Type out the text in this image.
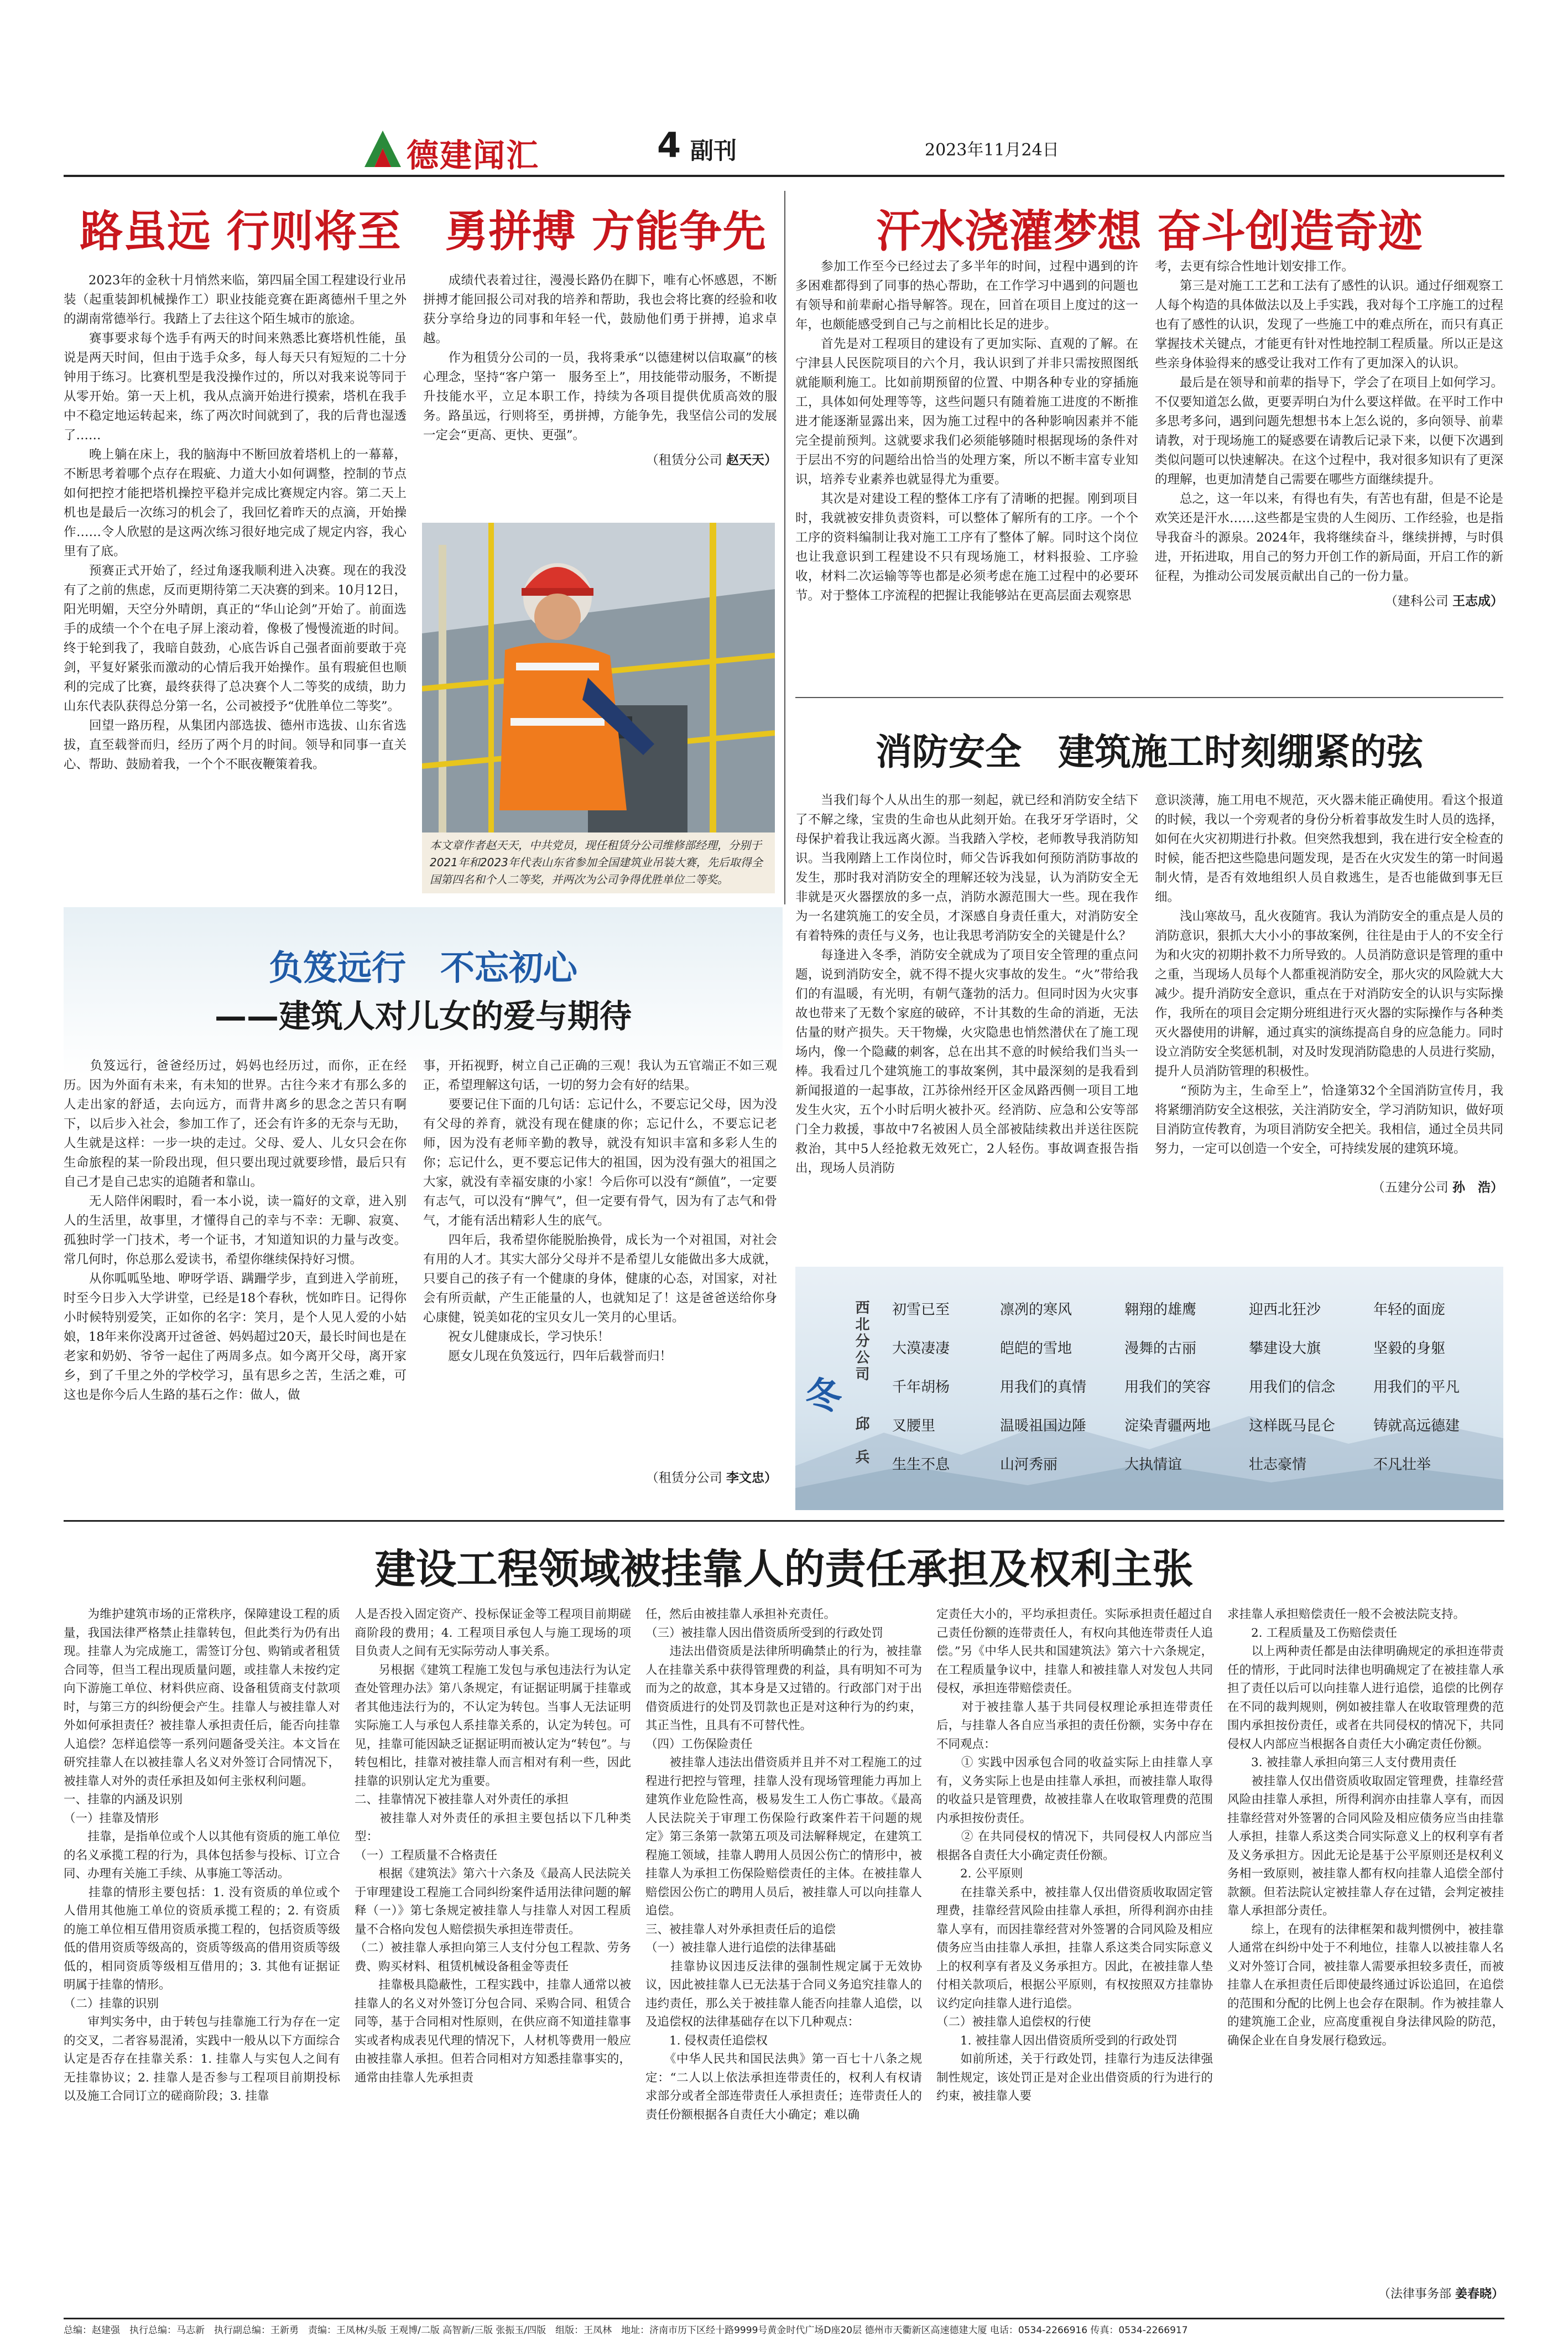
德建闻汇	4 副刊	2023年11月24日
路虽远 行则将至　勇拼搏 方能争先

　　2023年的金秋十月悄然来临，第四届全国工程建设行业吊装（起重装卸机械操作工）职业技能竞赛在距离德州千里之外的湖南常德举行。我踏上了去往这个陌生城市的旅途。
　　赛事要求每个选手有两天的时间来熟悉比赛塔机性能，虽说是两天时间，但由于选手众多，每人每天只有短短的二十分钟用于练习。比赛机型是我没操作过的，所以对我来说等同于从零开始。第一天上机，我从点滴开始进行摸索，塔机在我手中不稳定地运转起来，练了两次时间就到了，我的后背也湿透了……
　　晚上躺在床上，我的脑海中不断回放着塔机上的一幕幕，不断思考着哪个点存在瑕疵、力道大小如何调整，控制的节点如何把控才能把塔机操控平稳并完成比赛规定内容。第二天上机也是最后一次练习的机会了，我回忆着昨天的点滴，开始操作……令人欣慰的是这两次练习很好地完成了规定内容，我心里有了底。
　　预赛正式开始了，经过角逐我顺利进入决赛。现在的我没有了之前的焦虑，反而更期待第二天决赛的到来。10月12日，阳光明媚，天空分外晴朗，真正的“华山论剑”开始了。前面选手的成绩一个个在电子屏上滚动着，像极了慢慢流逝的时间。终于轮到我了，我暗自鼓劲，心底告诉自己强者面前要敢于亮剑，平复好紧张而激动的心情后我开始操作。虽有瑕疵但也顺利的完成了比赛，最终获得了总决赛个人二等奖的成绩，助力山东代表队获得总分第一名，公司被授予“优胜单位二等奖”。
　　回望一路历程，从集团内部选拔、德州市选拔、山东省选拔，直至载誉而归，经历了两个月的时间。领导和同事一直关心、帮助、鼓励着我，一个个不眠夜鞭策着我。

　　成绩代表着过往，漫漫长路仍在脚下，唯有心怀感恩，不断拼搏才能回报公司对我的培养和帮助，我也会将比赛的经验和收获分享给身边的同事和年轻一代，鼓励他们勇于拼搏，追求卓越。
　　作为租赁分公司的一员，我将秉承“以德建树以信取赢”的核心理念，坚持“客户第一　服务至上”，用技能带动服务，不断提升技能水平，立足本职工作，持续为各项目提供优质高效的服务。路虽远，行则将至，勇拼搏，方能争先，我坚信公司的发展一定会“更高、更快、更强”。

（租赁分公司 赵天天）

本文章作者赵天天，中共党员，现任租赁分公司维修部经理，分别于2021年和2023年代表山东省参加全国建筑业吊装大赛，先后取得全国第四名和个人二等奖，并两次为公司争得优胜单位二等奖。

汗水浇灌梦想 奋斗创造奇迹

　　参加工作至今已经过去了多半年的时间，过程中遇到的许多困难都得到了同事的热心帮助，在工作学习中遇到的问题也有领导和前辈耐心指导解答。现在，回首在项目上度过的这一年，也颇能感受到自己与之前相比长足的进步。
　　首先是对工程项目的建设有了更加实际、直观的了解。在宁津县人民医院项目的六个月，我认识到了并非只需按照图纸就能顺利施工。比如前期预留的位置、中期各种专业的穿插施工，具体如何处理等等，这些问题只有随着施工进度的不断推进才能逐渐显露出来，因为施工过程中的各种影响因素并不能完全提前预判。这就要求我们必须能够随时根据现场的条件对于层出不穷的问题给出恰当的处理方案，所以不断丰富专业知识，培养专业素养也就显得尤为重要。
　　其次是对建设工程的整体工序有了清晰的把握。刚到项目时，我就被安排负责资料，可以整体了解所有的工序。一个个工序的资料编制让我对施工工序有了整体了解。同时这个岗位也让我意识到工程建设不只有现场施工，材料报验、工序验收，材料二次运输等等也都是必须考虑在施工过程中的必要环节。对于整体工序流程的把握让我能够站在更高层面去观察思

考，去更有综合性地计划安排工作。
　　第三是对施工工艺和工法有了感性的认识。通过仔细观察工人每个构造的具体做法以及上手实践，我对每个工序施工的过程也有了感性的认识，发现了一些施工中的难点所在，而只有真正掌握技术关键点，才能更有针对性地控制工程质量。所以正是这些亲身体验得来的感受让我对工作有了更加深入的认识。
　　最后是在领导和前辈的指导下，学会了在项目上如何学习。不仅要知道怎么做，更要弄明白为什么要这样做。在平时工作中多思考多问，遇到问题先想想书本上怎么说的，多向领导、前辈请教，对于现场施工的疑惑要在请教后记录下来，以便下次遇到类似问题可以快速解决。在这个过程中，我对很多知识有了更深的理解，也更加清楚自己需要在哪些方面继续提升。
　　总之，这一年以来，有得也有失，有苦也有甜，但是不论是欢笑还是汗水……这些都是宝贵的人生阅历、工作经验，也是指导我奋斗的源泉。2024年，我将继续奋斗，继续拼搏，与时俱进，开拓进取，用自己的努力开创工作的新局面，开启工作的新征程，为推动公司发展贡献出自己的一份力量。

（建科公司 王志成）
消防安全　建筑施工时刻绷紧的弦

　　当我们每个人从出生的那一刻起，就已经和消防安全结下了不解之缘，宝贵的生命也从此刻开始。在我牙牙学语时，父母保护着我让我远离火源。当我踏入学校，老师教导我消防知识。当我刚踏上工作岗位时，师父告诉我如何预防消防事故的发生，那时我对消防安全的理解还较为浅显，认为消防安全无非就是灭火器摆放的多一点，消防水源范围大一些。现在我作为一名建筑施工的安全员，才深感自身责任重大，对消防安全有着特殊的责任与义务，也让我思考消防安全的关键是什么？
　　每逢进入冬季，消防安全就成为了项目安全管理的重点问题，说到消防安全，就不得不提火灾事故的发生。“火”带给我们的有温暖，有光明，有朝气蓬勃的活力。但同时因为火灾事故也带来了无数个家庭的破碎，不计其数的生命的消逝，无法估量的财产损失。天干物燥，火灾隐患也悄然潜伏在了施工现场内，像一个隐藏的刺客，总在出其不意的时候给我们当头一棒。我看过几个建筑施工的事故案例，其中最深刻的是我看到新闻报道的一起事故，江苏徐州经开区金凤路西侧一项目工地发生火灾，五个小时后明火被扑灭。经消防、应急和公安等部门全力救援，事故中7名被困人员全部被陆续救出并送往医院救治，其中5人经抢救无效死亡，2人轻伤。事故调查报告指出，现场人员消防

意识淡薄，施工用电不规范，灭火器未能正确使用。看这个报道的时候，我以一个旁观者的身份分析着事故发生时人员的选择，如何在火灾初期进行扑救。但突然我想到，我在进行安全检查的时候，能否把这些隐患问题发现，是否在火灾发生的第一时间遏制火情，是否有效地组织人员自救逃生，是否也能做到事无巨细。
　　浅山寒故马，乱火夜随宵。我认为消防安全的重点是人员的消防意识，狠抓大大小小的事故案例，往往是由于人的不安全行为和火灾的初期扑救不力所导致的。人员消防意识是管理的重中之重，当现场人员每个人都重视消防安全，那火灾的风险就大大减少。提升消防安全意识，重点在于对消防安全的认识与实际操作，我所在的项目会定期分班组进行灭火器的实际操作与各种类灭火器使用的讲解，通过真实的演练提高自身的应急能力。同时设立消防安全奖惩机制，对及时发现消防隐患的人员进行奖励，提升人员消防管理的积极性。
　　“预防为主，生命至上”，恰逢第32个全国消防宣传月，我将紧绷消防安全这根弦，关注消防安全，学习消防知识，做好项目消防宣传教育，为项目消防安全把关。我相信，通过全员共同努力，一定可以创造一个安全，可持续发展的建筑环境。

（五建分公司 孙　浩）
负笈远行　不忘初心
——建筑人对儿女的爱与期待

　　负笈远行，爸爸经历过，妈妈也经历过，而你，正在经历。因为外面有未来，有未知的世界。古往今来才有那么多的人走出家的舒适，去向远方，而背井离乡的思念之苦只有啊下，以后步入社会，参加工作了，还会有许多的无奈与无助，人生就是这样：一步一块的走过。父母、爱人、儿女只会在你生命旅程的某一阶段出现，但只要出现过就要珍惜，最后只有自己才是自己忠实的追随者和靠山。
　　无人陪伴闲暇时，看一本小说，读一篇好的文章，进入别人的生活里，故事里，才懂得自己的幸与不幸：无聊、寂寞、孤独时学一门技术，考一个证书，才知道知识的力量与改变。常几何时，你总那么爱读书，希望你继续保持好习惯。
　　从你呱呱坠地、咿呀学语、蹒跚学步，直到进入学前班，时至今日步入大学讲堂，已经是18个春秋，恍如昨日。记得你小时候特别爱笑，正如你的名字：笑月，是个人见人爱的小姑娘，18年来你没离开过爸爸、妈妈超过20天，最长时间也是在老家和奶奶、爷爷一起住了两周多点。如今离开父母，离开家乡，到了千里之外的学校学习，虽有思乡之苦，生活之难，可这也是你今后人生路的基石之作：做人，做

事，开拓视野，树立自己正确的三观！我认为五官端正不如三观正，希望理解这句话，一切的努力会有好的结果。
　　要要记住下面的几句话：忘记什么，不要忘记父母，因为没有父母的养育，就没有现在健康的你；忘记什么，不要忘记老师，因为没有老师辛勤的教导，就没有知识丰富和多彩人生的你；忘记什么，更不要忘记伟大的祖国，因为没有强大的祖国之大家，就没有幸福安康的小家！今后你可以没有“颜值”，一定要有志气，可以没有“脾气”，但一定要有骨气，因为有了志气和骨气，才能有活出精彩人生的底气。
　　四年后，我希望你能脱胎换骨，成长为一个对祖国，对社会有用的人才。其实大部分父母并不是希望儿女能做出多大成就，只要自己的孩子有一个健康的身体，健康的心态，对国家，对社会有所贡献，产生正能量的人，也就知足了！这是爸爸送给你身心康健，锐美如花的宝贝女儿一笑月的心里话。
　　祝女儿健康成长，学习快乐！
　　愿女儿现在负笈远行，四年后载誉而归！

（租赁分公司 李文忠）
冬
西北分公司
邱　兵
初雪已至	凛冽的寒风	翱翔的雄鹰	迎西北狂沙	年轻的面庞
大漠凄凄	皑皑的雪地	漫舞的古丽	攀建设大旗	坚毅的身躯
千年胡杨	用我们的真情	用我们的笑容	用我们的信念	用我们的平凡
叉腰里	温暖祖国边陲	淀染青疆两地	这样既马昆仑	铸就高远德建
生生不息	山河秀丽	大执情谊	壮志豪情	不凡壮举
建设工程领域被挂靠人的责任承担及权利主张

　　为维护建筑市场的正常秩序，保障建设工程的质量，我国法律严格禁止挂靠转包，但此类行为仍有出现。挂靠人为完成施工，需签订分包、购销或者租赁合同等，但当工程出现质量问题，或挂靠人未按约定向下游施工单位、材料供应商、设备租赁商支付款项时，与第三方的纠纷便会产生。挂靠人与被挂靠人对外如何承担责任？被挂靠人承担责任后，能否向挂靠人追偿？怎样追偿等一系列问题备受关注。本文旨在研究挂靠人在以被挂靠人名义对外签订合同情况下，被挂靠人对外的责任承担及如何主张权利问题。
一、挂靠的内涵及识别
（一）挂靠及情形
　　挂靠，是指单位或个人以其他有资质的施工单位的名义承揽工程的行为，具体包括参与投标、订立合同、办理有关施工手续、从事施工等活动。
　　挂靠的情形主要包括：1. 没有资质的单位或个人借用其他施工单位的资质承揽工程的；2. 有资质的施工单位相互借用资质承揽工程的，包括资质等级低的借用资质等级高的，资质等级高的借用资质等级低的，相同资质等级相互借用的；3. 其他有证据证明属于挂靠的情形。
（二）挂靠的识别
　　审判实务中，由于转包与挂靠施工行为存在一定的交叉，二者容易混淆，实践中一般从以下方面综合认定是否存在挂靠关系：1. 挂靠人与实包人之间有无挂靠协议；2. 挂靠人是否参与工程项目前期投标以及施工合同订立的磋商阶段；3. 挂靠

人是否投入固定资产、投标保证金等工程项目前期磋商阶段的费用；4. 工程项目承包人与施工现场的项目负责人之间有无实际劳动人事关系。
　　另根据《建筑工程施工发包与承包违法行为认定查处管理办法》第八条规定，有证据证明属于挂靠或者其他违法行为的，不认定为转包。当事人无法证明实际施工人与承包人系挂靠关系的，认定为转包。可见，挂靠可能因缺乏证据证明而被认定为“转包”。与转包相比，挂靠对被挂靠人而言相对有利一些，因此挂靠的识别认定尤为重要。
二、挂靠情况下被挂靠人对外责任的承担
　　被挂靠人对外责任的承担主要包括以下几种类型：
（一）工程质量不合格责任
　　根据《建筑法》第六十六条及《最高人民法院关于审理建设工程施工合同纠纷案件适用法律问题的解释（一）》第七条规定被挂靠人与挂靠人对因工程质量不合格向发包人赔偿损失承担连带责任。
（二）被挂靠人承担向第三人支付分包工程款、劳务费、购买材料、租赁机械设备租金等责任
　　挂靠极具隐蔽性，工程实践中，挂靠人通常以被挂靠人的名义对外签订分包合同、采购合同、租赁合同等，基于合同相对性原则，在供应商不知道挂靠事实或者构成表见代理的情况下，人材机等费用一般应由被挂靠人承担。但若合同相对方知悉挂靠事实的，通常由挂靠人先承担责

任，然后由被挂靠人承担补充责任。
（三）被挂靠人因出借资质所受到的行政处罚
　　违法出借资质是法律所明确禁止的行为，被挂靠人在挂靠关系中获得管理费的利益，具有明知不可为而为之的故意，其本身是又过错的。行政部门对于出借资质进行的处罚及罚款也正是对这种行为的约束，其正当性，且具有不可替代性。
（四）工伤保险责任
　　被挂靠人违法出借资质并且并不对工程施工的过程进行把控与管理，挂靠人没有现场管理能力再加上建筑作业危险性高，极易发生工人伤亡事故。《最高人民法院关于审理工伤保险行政案件若干问题的规定》第三条第一款第五项及司法解释规定，在建筑工程施工领域，挂靠人聘用人员因公伤亡的情形中，被挂靠人为承担工伤保险赔偿责任的主体。在被挂靠人赔偿因公伤亡的聘用人员后，被挂靠人可以向挂靠人追偿。
三、被挂靠人对外承担责任后的追偿
（一）被挂靠人进行追偿的法律基础
　　挂靠协议因违反法律的强制性规定属于无效协议，因此被挂靠人已无法基于合同义务追究挂靠人的违约责任，那么关于被挂靠人能否向挂靠人追偿，以及追偿权的法律基础存在以下几种观点：
　　1. 侵权责任追偿权
　　《中华人民共和国民法典》第一百七十八条之规定：“二人以上依法承担连带责任的，权利人有权请求部分或者全部连带责任人承担责任；连带责任人的责任份额根据各自责任大小确定；难以确

定责任大小的，平均承担责任。实际承担责任超过自己责任份额的连带责任人，有权向其他连带责任人追偿。”另《中华人民共和国建筑法》第六十六条规定，在工程质量争议中，挂靠人和被挂靠人对发包人共同侵权，承担连带赔偿责任。
　　对于被挂靠人基于共同侵权理论承担连带责任后，与挂靠人各自应当承担的责任份额，实务中存在不同观点：
　　① 实践中因承包合同的收益实际上由挂靠人享有，义务实际上也是由挂靠人承担，而被挂靠人取得的收益只是管理费，故被挂靠人在收取管理费的范围内承担按份责任。
　　② 在共同侵权的情况下，共同侵权人内部应当根据各自责任大小确定责任份额。
　　2. 公平原则
　　在挂靠关系中，被挂靠人仅出借资质收取固定管理费，挂靠经营风险由挂靠人承担，所得利润亦由挂靠人享有，而因挂靠经营对外签署的合同风险及相应债务应当由挂靠人承担，挂靠人系这类合同实际意义上的权利享有者及义务承担方。因此，在被挂靠人垫付相关款项后，根据公平原则，有权按照双方挂靠协议约定向挂靠人进行追偿。
（二）被挂靠人追偿权的行使
　　1. 被挂靠人因出借资质所受到的行政处罚
　　如前所述，关于行政处罚，挂靠行为违反法律强制性规定，该处罚正是对企业出借资质的行为进行的约束，被挂靠人要

求挂靠人承担赔偿责任一般不会被法院支持。
　　2. 工程质量及工伤赔偿责任
　　以上两种责任都是由法律明确规定的承担连带责任的情形，于此同时法律也明确规定了在被挂靠人承担了责任以后可以向挂靠人进行追偿，追偿的比例存在不同的裁判规则，例如被挂靠人在收取管理费的范围内承担按份责任，或者在共同侵权的情况下，共同侵权人内部应当根据各自责任大小确定责任份额。
　　3. 被挂靠人承担向第三人支付费用责任
　　被挂靠人仅出借资质收取固定管理费，挂靠经营风险由挂靠人承担，所得利润亦由挂靠人享有，而因挂靠经营对外签署的合同风险及相应债务应当由挂靠人承担，挂靠人系这类合同实际意义上的权利享有者及义务承担方。因此无论是基于公平原则还是权利义务相一致原则，被挂靠人都有权向挂靠人追偿全部付款额。但若法院认定被挂靠人存在过错，会判定被挂靠人承担部分责任。
　　综上，在现有的法律框架和裁判惯例中，被挂靠人通常在纠纷中处于不利地位，挂靠人以被挂靠人名义对外签订合同，被挂靠人需要承担较多责任，而被挂靠人在承担责任后即使最终通过诉讼追回，在追偿的范围和分配的比例上也会存在限制。作为被挂靠人的建筑施工企业，应高度重视自身法律风险的防范，确保企业在自身发展行稳致远。

（法律事务部 姜春晓）
总编：赵建强　执行总编：马志新　执行副总编：王新勇　责编：王凤林/头版 王观博/二版 高智新/三版 张振玉/四版　组版：王凤林　地址：济南市历下区经十路9999号黄金时代广场D座20层 德州市天衢新区高速德建大厦 电话：0534-2266916 传真：0534-2266917
